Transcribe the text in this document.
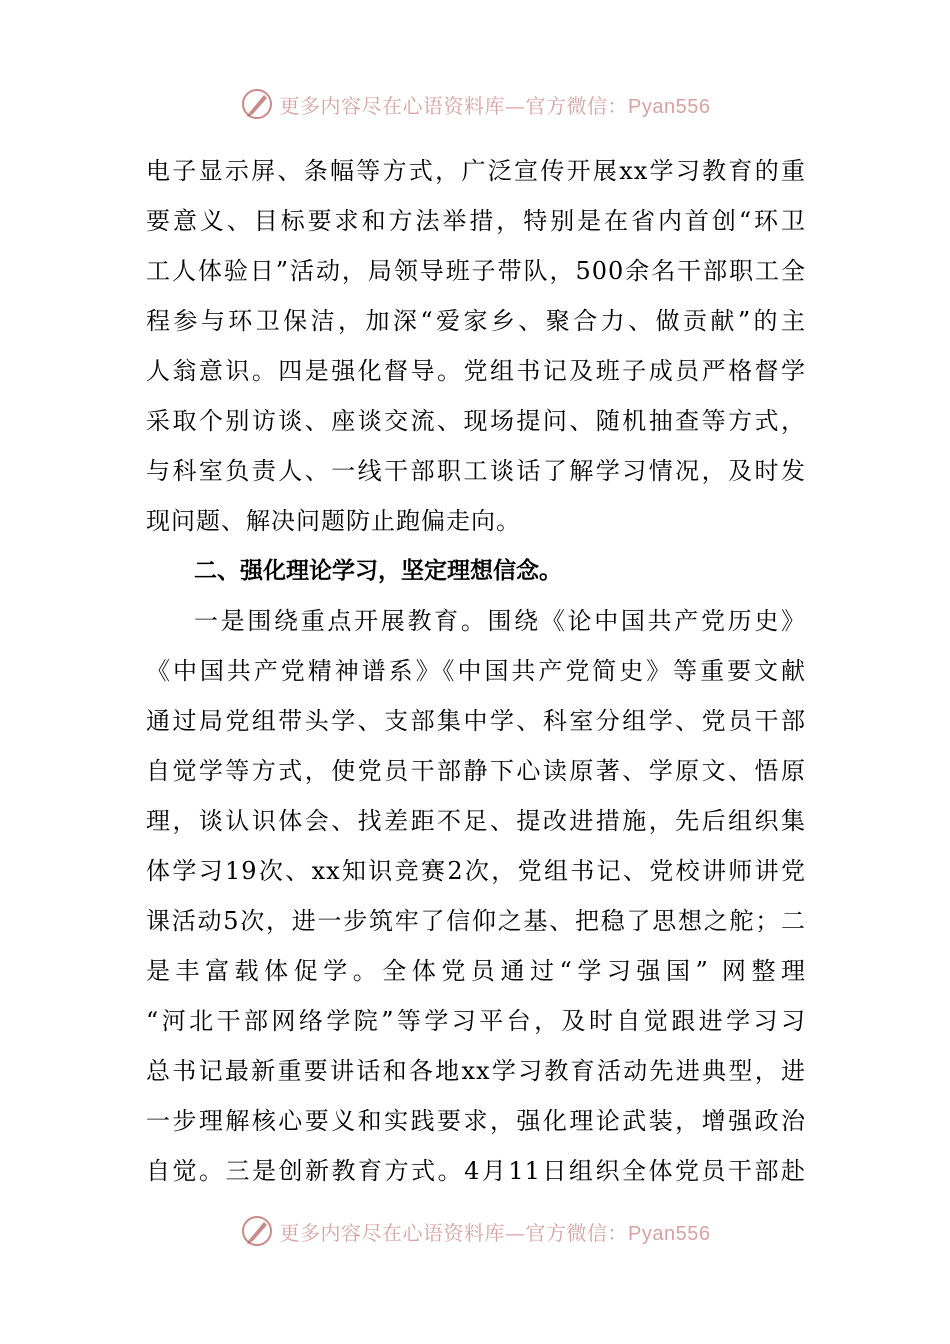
更多内容尽在心语资料库—官方微信：Pyan556
电子显示屏、条幅等方式，广泛宣传开展xx学习教育的重
要意义、目标要求和方法举措，特别是在省内首创“环卫
工人体验日”活动，局领导班子带队，500余名干部职工全
程参与环卫保洁，加深“爱家乡、聚合力、做贡献”的主
人翁意识。四是强化督导。党组书记及班子成员严格督学
采取个别访谈、座谈交流、现场提问、随机抽查等方式，
与科室负责人、一线干部职工谈话了解学习情况，及时发
现问题、解决问题防止跑偏走向。
二、强化理论学习，坚定理想信念。
一是围绕重点开展教育。围绕《论中国共产党历史》
《中国共产党精神谱系》《中国共产党简史》等重要文献
通过局党组带头学、支部集中学、科室分组学、党员干部
自觉学等方式，使党员干部静下心读原著、学原文、悟原
理，谈认识体会、找差距不足、提改进措施，先后组织集
体学习19次、xx知识竞赛2次，党组书记、党校讲师讲党
课活动5次，进一步筑牢了信仰之基、把稳了思想之舵；二
是丰富载体促学。全体党员通过“学习强国” 网整理
“河北干部网络学院”等学习平台，及时自觉跟进学习习
总书记最新重要讲话和各地xx学习教育活动先进典型，进
一步理解核心要义和实践要求，强化理论武装，增强政治
自觉。三是创新教育方式。4月11日组织全体党员干部赴
更多内容尽在心语资料库—官方微信：Pyan556
